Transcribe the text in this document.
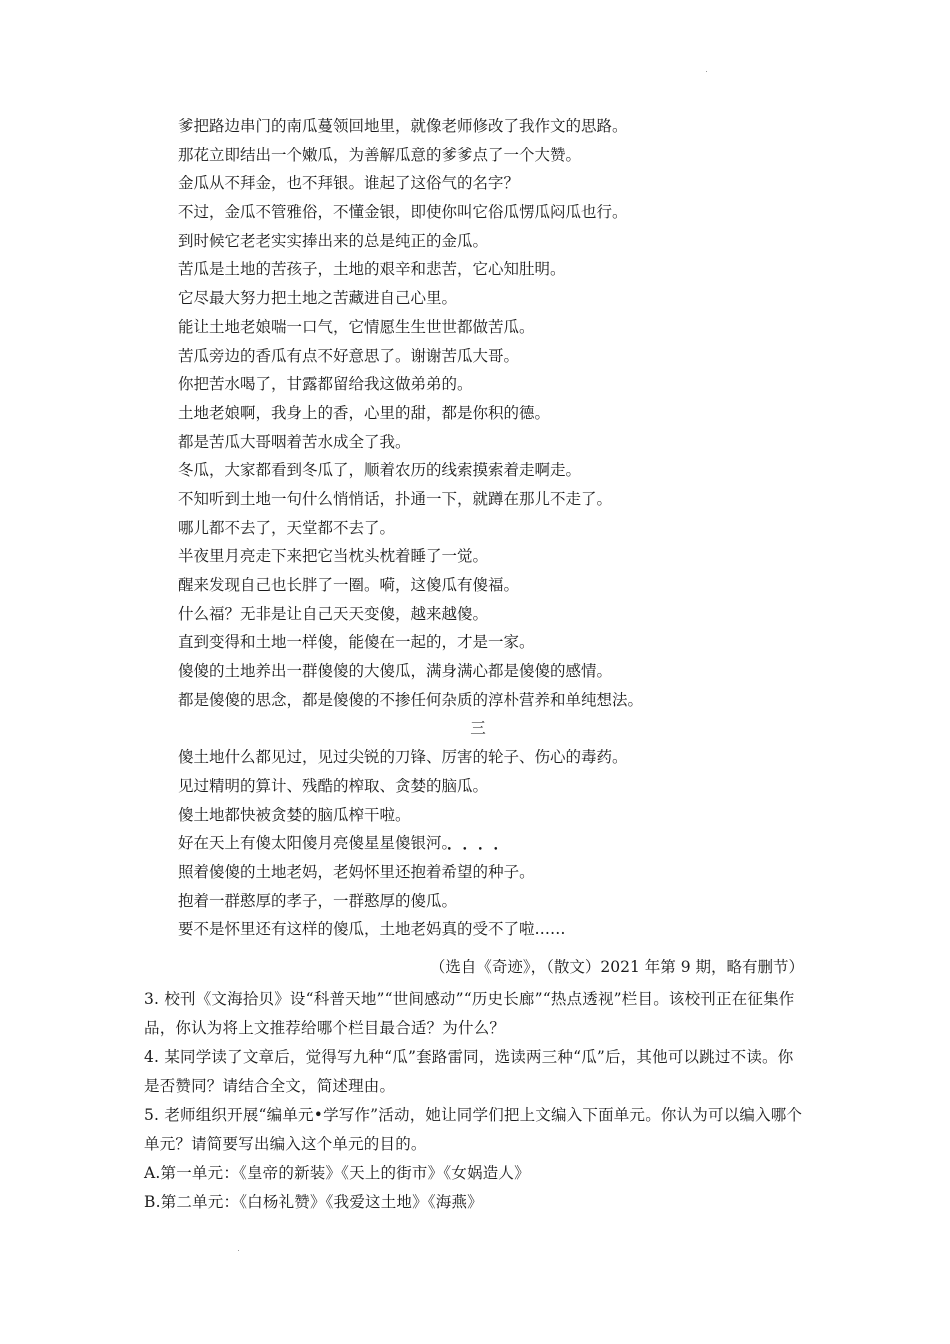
爹把路边串门的南瓜蔓领回地里，就像老师修改了我作文的思路。
那花立即结出一个嫩瓜，为善解瓜意的爹爹点了一个大赞。
金瓜从不拜金，也不拜银。谁起了这俗气的名字？
不过，金瓜不管雅俗，不懂金银，即使你叫它俗瓜愣瓜闷瓜也行。
到时候它老老实实捧出来的总是纯正的金瓜。
苦瓜是土地的苦孩子，土地的艰辛和悲苦，它心知肚明。
它尽最大努力把土地之苦藏进自己心里。
能让土地老娘喘一口气，它情愿生生世世都做苦瓜。
苦瓜旁边的香瓜有点不好意思了。谢谢苦瓜大哥。
你把苦水喝了，甘露都留给我这做弟弟的。
土地老娘啊，我身上的香，心里的甜，都是你积的德。
都是苦瓜大哥咽着苦水成全了我。
冬瓜，大家都看到冬瓜了，顺着农历的线索摸索着走啊走。
不知听到土地一句什么悄悄话，扑通一下，就蹲在那儿不走了。
哪儿都不去了，天堂都不去了。
半夜里月亮走下来把它当枕头枕着睡了一觉。
醒来发现自己也长胖了一圈。嗬，这傻瓜有傻福。
什么福？无非是让自己天天变傻，越来越傻。
直到变得和土地一样傻，能傻在一起的，才是一家。
傻傻的土地养出一群傻傻的大傻瓜，满身满心都是傻傻的感情。
都是傻傻的思念，都是傻傻的不掺任何杂质的淳朴营养和单纯想法。
三
傻土地什么都见过，见过尖锐的刀锋、厉害的轮子、伤心的毒药。
见过精明的算计、残酷的榨取、贪婪的脑瓜。
傻土地都快被贪婪的脑瓜榨干啦。
好在天上有傻太阳傻月亮傻星星傻银河。
照着傻傻的土地老妈，老妈怀里还抱着希望的种子。
抱着一群憨厚的孝子，一群憨厚的傻瓜。
要不是怀里还有这样的傻瓜，土地老妈真的受不了啦……
（选自《奇迹》，（散文）2021 年第 9 期，略有删节）

3. 校刊《文海拾贝》设“科普天地”“世间感动”“历史长廊”“热点透视”栏目。该校刊正在征集作品，你认为将上文推荐给哪个栏目最合适？为什么？

4. 某同学读了文章后，觉得写九种“瓜”套路雷同，选读两三种“瓜”后，其他可以跳过不读。你是否赞同？请结合全文，简述理由。

5. 老师组织开展“编单元•学写作”活动，她让同学们把上文编入下面单元。你认为可以编入哪个单元？请简要写出编入这个单元的目的。

A.第一单元：《皇帝的新装》《天上的街市》《女娲造人》

B.第二单元：《白杨礼赞》《我爱这土地》《海燕》
